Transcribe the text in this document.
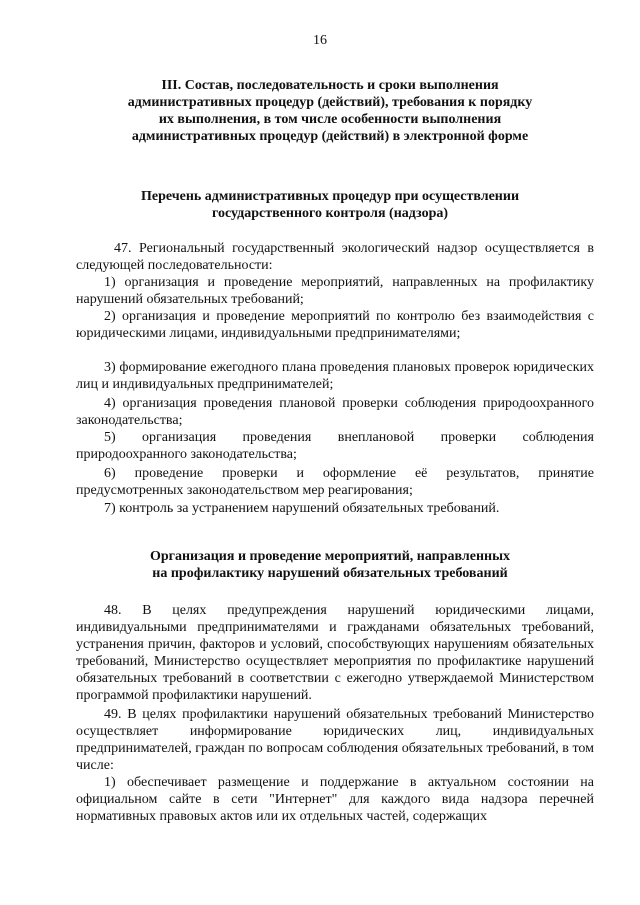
16
III. Состав, последовательность и сроки выполнения
административных процедур (действий), требования к порядку
их выполнения, в том числе особенности выполнения
административных процедур (действий) в электронной форме
Перечень административных процедур при осуществлении
государственного контроля (надзора)
47. Региональный государственный экологический надзор осуществляется в следующей последовательности:
1) организация и проведение мероприятий, направленных на профилактику нарушений обязательных требований;
2) организация и проведение мероприятий по контролю без взаимодействия с юридическими лицами, индивидуальными предпринимателями;
3) формирование ежегодного плана проведения плановых проверок юридических лиц и индивидуальных предпринимателей;
4) организация проведения плановой проверки соблюдения природоохранного законодательства;
5) организация проведения внеплановой проверки соблюдения природоохранного законодательства;
6) проведение проверки и оформление её результатов, принятие предусмотренных законодательством мер реагирования;
7) контроль за устранением нарушений обязательных требований.
Организация и проведение мероприятий, направленных
на профилактику нарушений обязательных требований
48. В целях предупреждения нарушений юридическими лицами, индивидуальными предпринимателями и гражданами обязательных требований, устранения причин, факторов и условий, способствующих нарушениям обязательных требований, Министерство осуществляет мероприятия по профилактике нарушений обязательных требований в соответствии с ежегодно утверждаемой Министерством программой профилактики нарушений.
49. В целях профилактики нарушений обязательных требований Министерство осуществляет информирование юридических лиц, индивидуальных предпринимателей, граждан по вопросам соблюдения обязательных требований, в том числе:
1) обеспечивает размещение и поддержание в актуальном состоянии на официальном сайте в сети "Интернет" для каждого вида надзора перечней нормативных правовых актов или их отдельных частей, содержащих
